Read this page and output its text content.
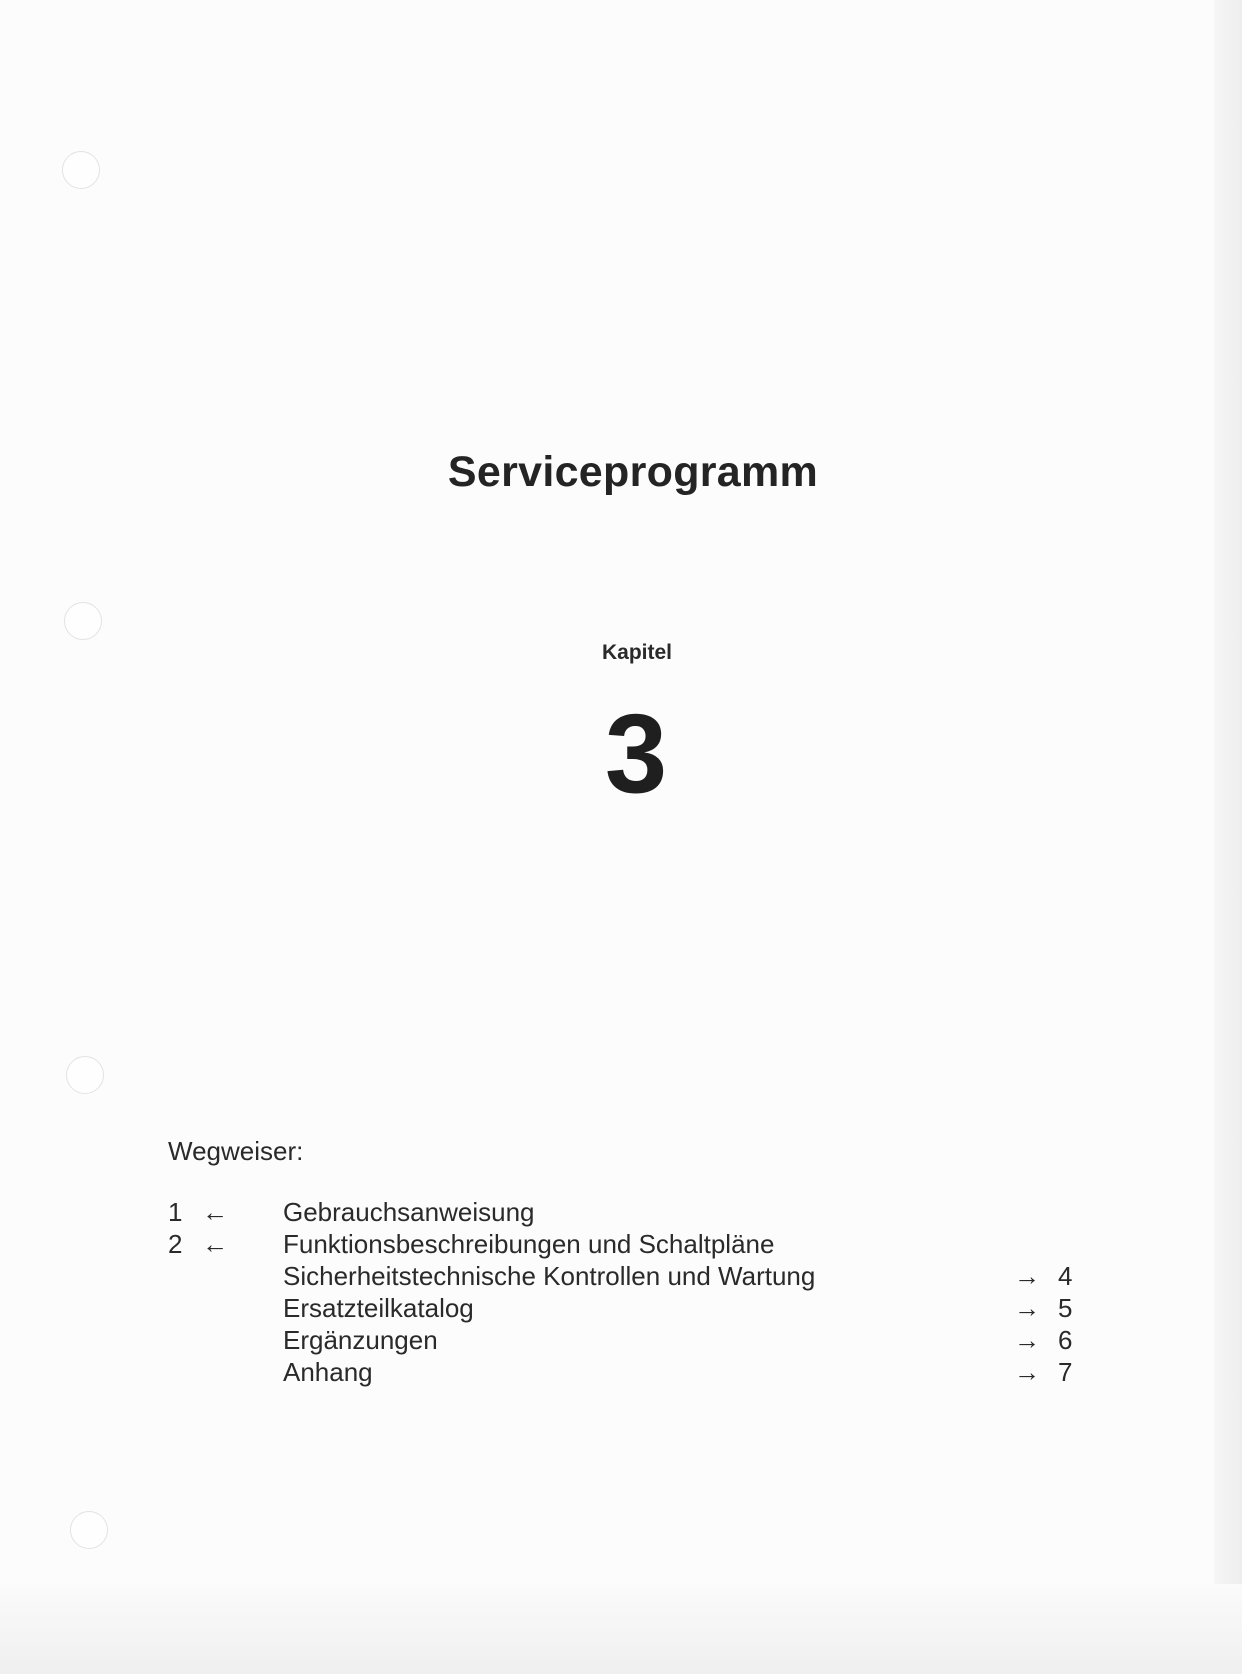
Serviceprogramm
Kapitel
3
Wegweiser:
1 ← Gebrauchsanweisung
2 ← Funktionsbeschreibungen und Schaltpläne
Sicherheitstechnische Kontrollen und Wartung	→ 4
Ersatzteilkatalog	→ 5
Ergänzungen	→ 6
Anhang	→ 7
